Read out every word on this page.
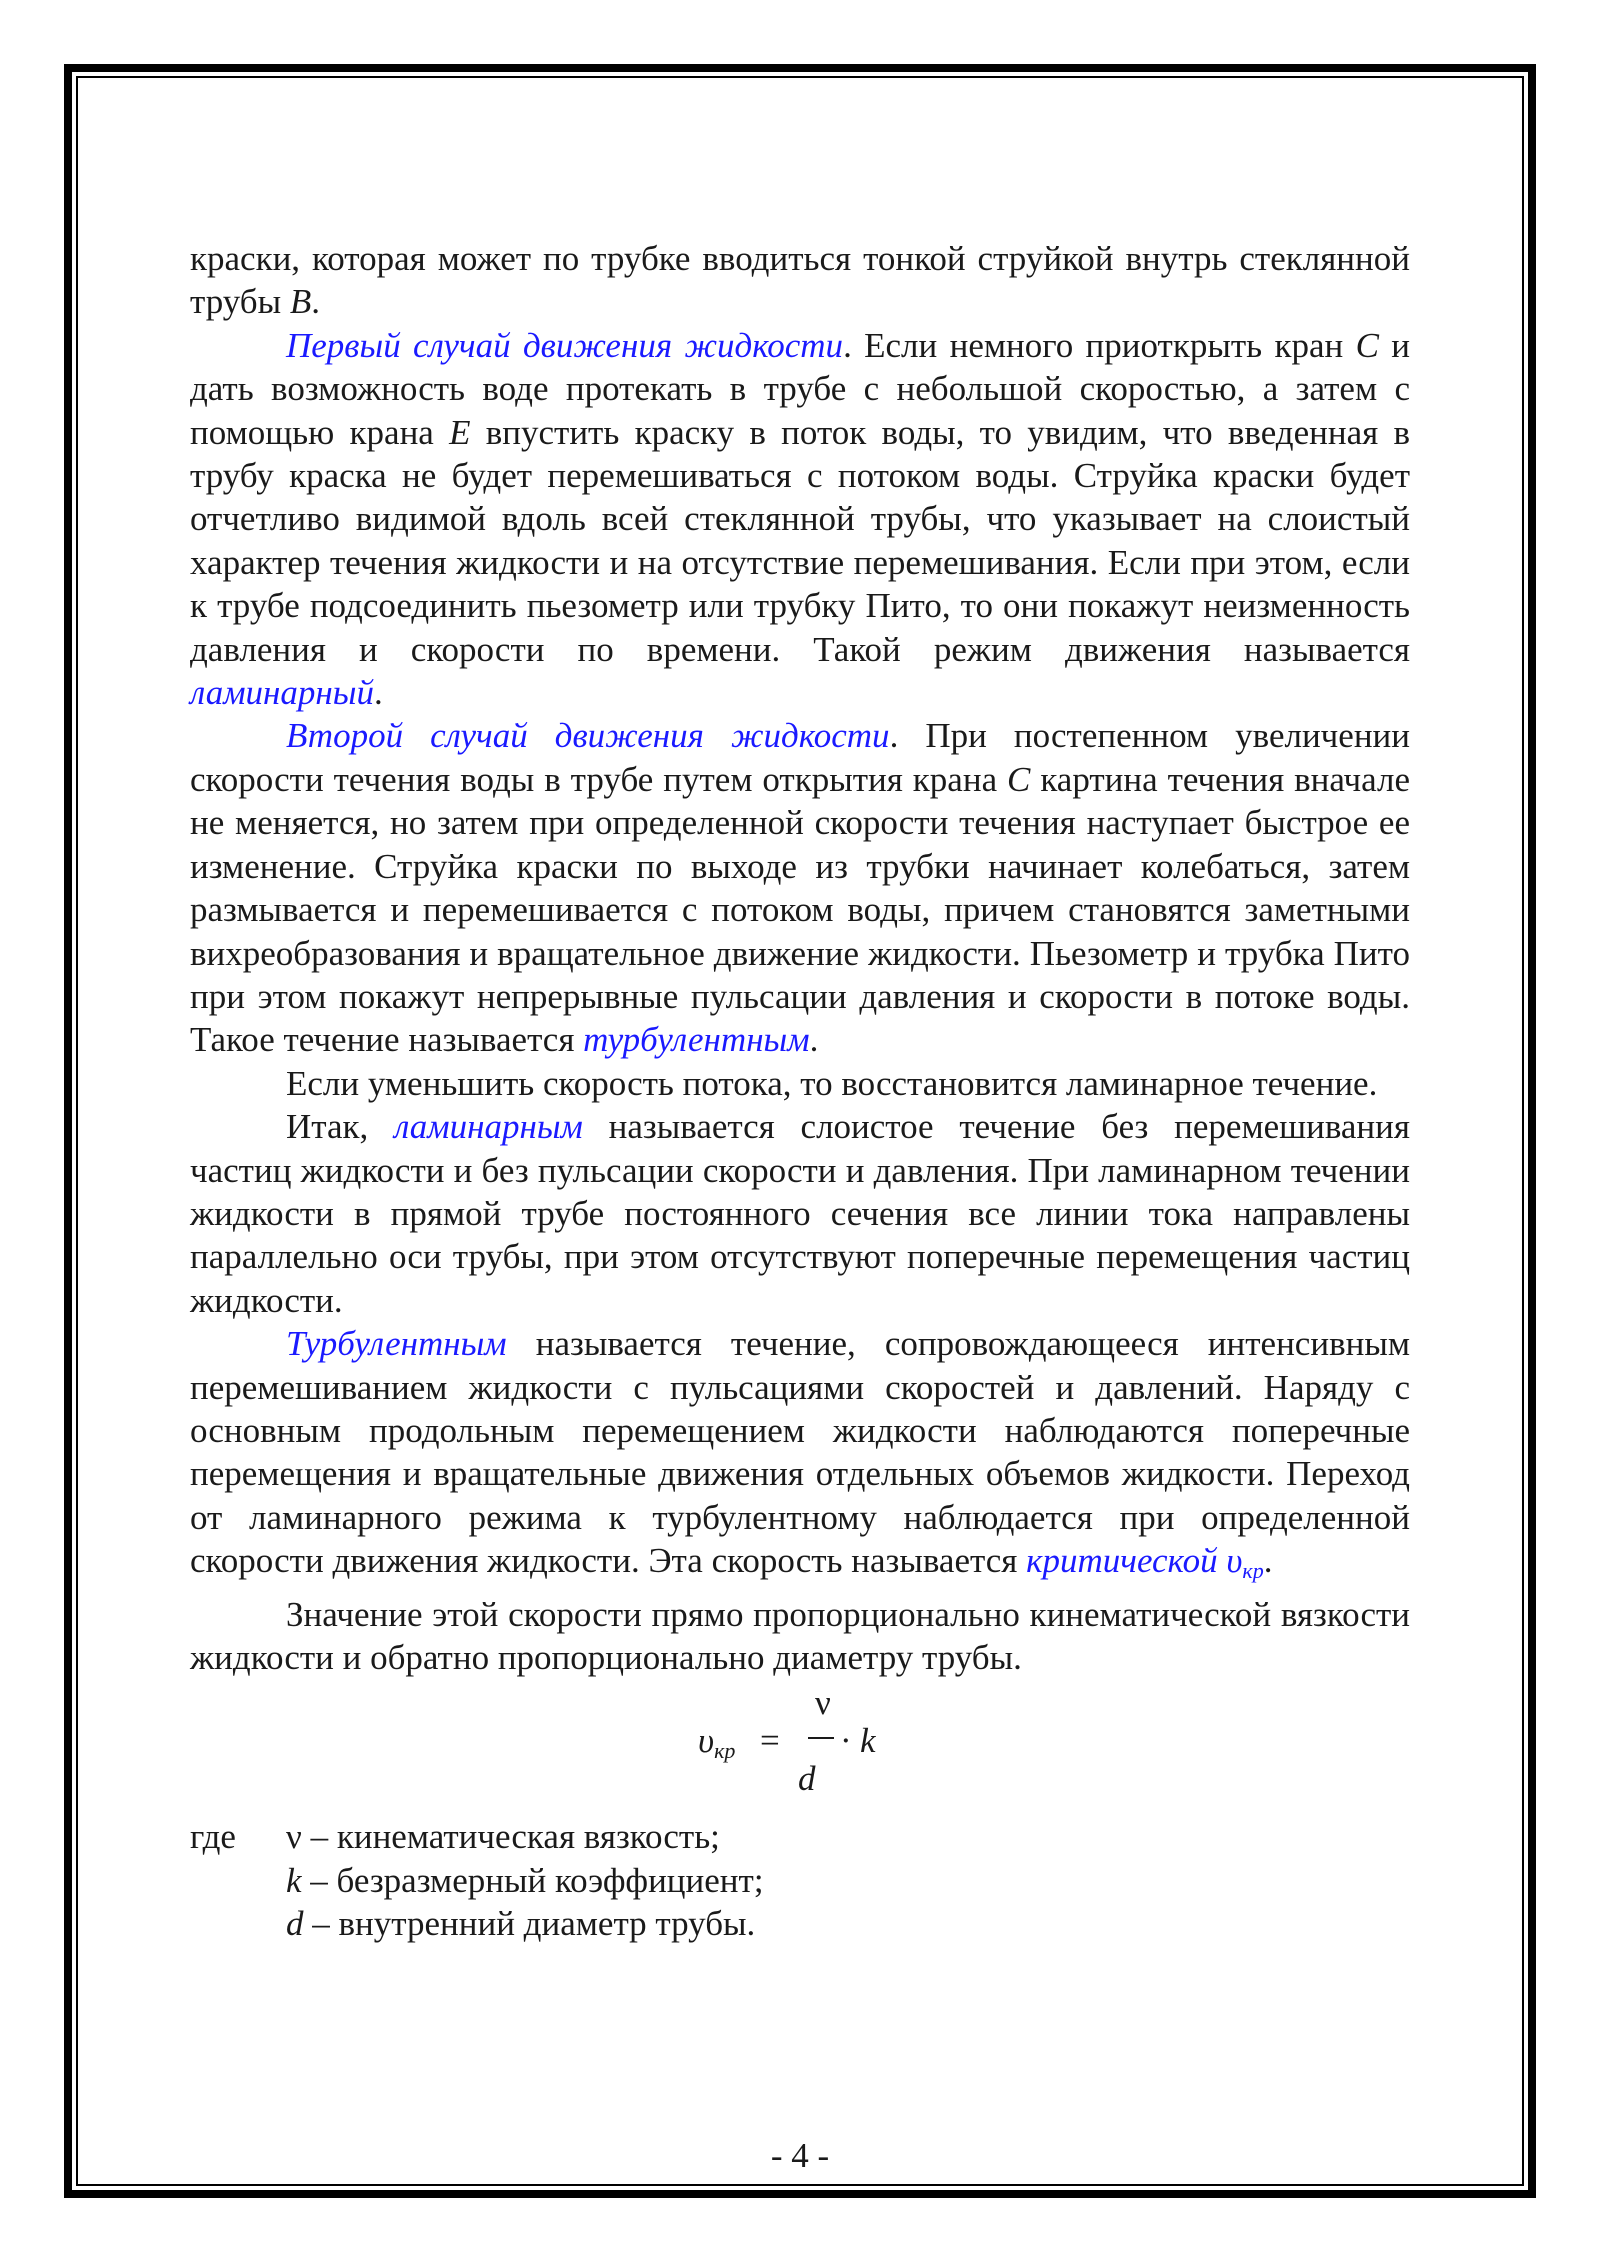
краски, которая может по трубке вводиться тонкой струйкой внутрь стеклянной трубы В.

Первый случай движения жидкости. Если немного приоткрыть кран С и дать возможность воде протекать в трубе с небольшой скоростью, а затем с помощью крана Е впустить краску в поток воды, то увидим, что введенная в трубу краска не будет перемешиваться с потоком воды. Струйка краски будет отчетливо видимой вдоль всей стеклянной трубы, что указывает на слоистый характер течения жидкости и на отсутствие перемешивания. Если при этом, если к трубе подсоединить пьезометр или трубку Пито, то они покажут неизменность давления и скорости по времени. Такой режим движения называется ламинарный.

Второй случай движения жидкости. При постепенном увеличении скорости течения воды в трубе путем открытия крана С картина течения вначале не меняется, но затем при определенной скорости течения наступает быстрое ее изменение. Струйка краски по выходе из трубки начинает колебаться, затем размывается и перемешивается с потоком воды, причем становятся заметными вихреобразования и вращательное движение жидкости. Пьезометр и трубка Пито при этом покажут непрерывные пульсации давления и скорости в потоке воды. Такое течение называется турбулентным.

Если уменьшить скорость потока, то восстановится ламинарное течение.

Итак, ламинарным называется слоистое течение без перемешивания частиц жидкости и без пульсации скорости и давления. При ламинарном течении жидкости в прямой трубе постоянного сечения все линии тока направлены параллельно оси трубы, при этом отсутствуют поперечные перемещения частиц жидкости.

Турбулентным называется течение, сопровождающееся интенсивным перемешиванием жидкости с пульсациями скоростей и давлений. Наряду с основным продольным перемещением жидкости наблюдаются поперечные перемещения и вращательные движения отдельных объемов жидкости. Переход от ламинарного режима к турбулентному наблюдается при определенной скорости движения жидкости. Эта скорость называется критической $\upsilon_{кр}$.

Значение этой скорости прямо пропорционально кинематической вязкости жидкости и обратно пропорционально диаметру трубы.

$\upsilon_{кр}$ =
ν
d
· k
где ν – кинематическая вязкость;
k – безразмерный коэффициент;
d – внутренний диаметр трубы.
- 4 -
